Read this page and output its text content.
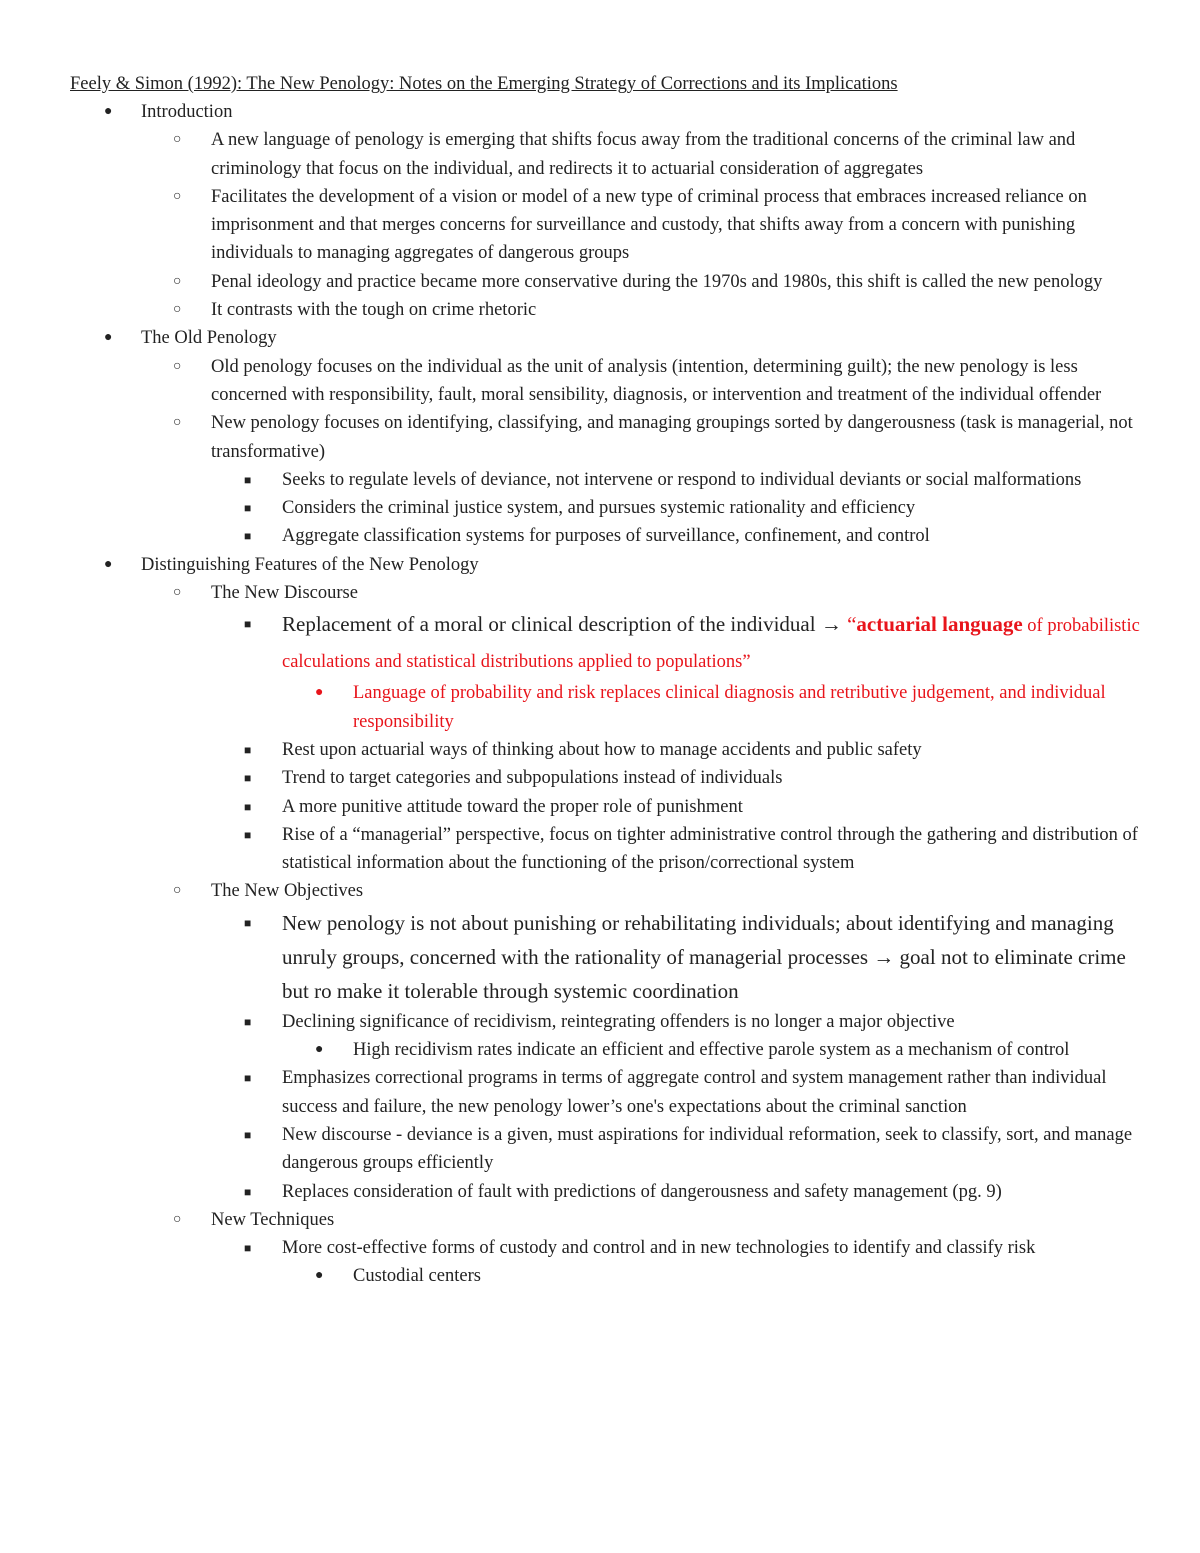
Feely & Simon (1992): The New Penology: Notes on the Emerging Strategy of Corrections and its Implications
●
Introduction
○
A new language of penology is emerging that shifts focus away from the traditional concerns of the criminal law and criminology that focus on the individual, and redirects it to actuarial consideration of aggregates
○
Facilitates the development of a vision or model of a new type of criminal process that embraces increased reliance on imprisonment and that merges concerns for surveillance and custody, that shifts away from a concern with punishing individuals to managing aggregates of dangerous groups
○
Penal ideology and practice became more conservative during the 1970s and 1980s, this shift is called the new penology
○
It contrasts with the tough on crime rhetoric
●
The Old Penology
○
Old penology focuses on the individual as the unit of analysis (intention, determining guilt); the new penology is less concerned with responsibility, fault, moral sensibility, diagnosis, or intervention and treatment of the individual offender
○
New penology focuses on identifying, classifying, and managing groupings sorted by dangerousness (task is managerial, not transformative)
■
Seeks to regulate levels of deviance, not intervene or respond to individual deviants or social malformations
■
Considers the criminal justice system, and pursues systemic rationality and efficiency
■
Aggregate classification systems for purposes of surveillance, confinement, and control
●
Distinguishing Features of the New Penology
○
The New Discourse
■
Replacement of a moral or clinical description of the individual → “actuarial language of probabilistic calculations and statistical distributions applied to populations”
●
Language of probability and risk replaces clinical diagnosis and retributive judgement, and individual responsibility
■
Rest upon actuarial ways of thinking about how to manage accidents and public safety
■
Trend to target categories and subpopulations instead of individuals
■
A more punitive attitude toward the proper role of punishment
■
Rise of a “managerial” perspective, focus on tighter administrative control through the gathering and distribution of statistical information about the functioning of the prison/correctional system
○
The New Objectives
■
New penology is not about punishing or rehabilitating individuals; about identifying and managing unruly groups, concerned with the rationality of managerial processes → goal not to eliminate crime but ro make it tolerable through systemic coordination
■
Declining significance of recidivism, reintegrating offenders is no longer a major objective
●
High recidivism rates indicate an efficient and effective parole system as a mechanism of control
■
Emphasizes correctional programs in terms of aggregate control and system management rather than individual success and failure, the new penology lower’s one's expectations about the criminal sanction
■
New discourse - deviance is a given, must aspirations for individual reformation, seek to classify, sort, and manage dangerous groups efficiently
■
Replaces consideration of fault with predictions of dangerousness and safety management (pg. 9)
○
New Techniques
■
More cost-effective forms of custody and control and in new technologies to identify and classify risk
●
Custodial centers
